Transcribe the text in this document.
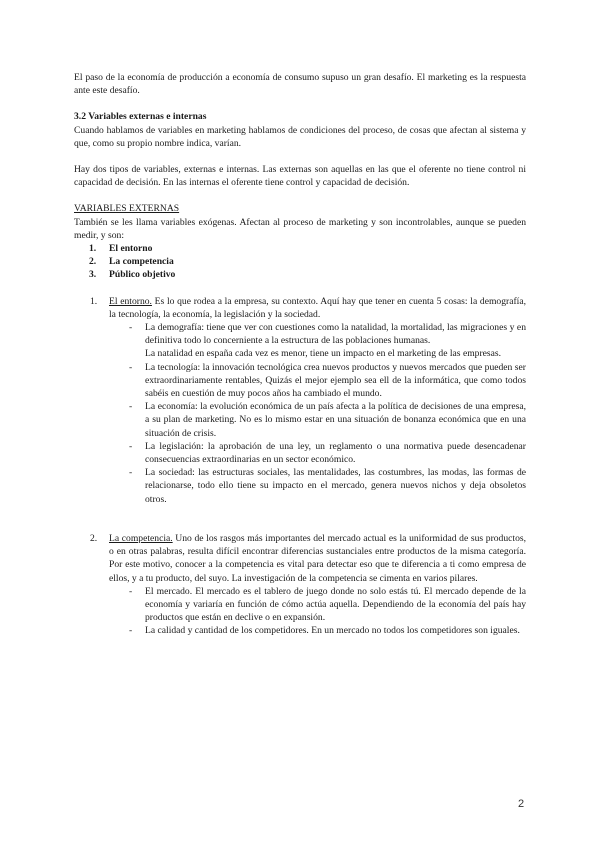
El paso de la economía de producción a economía de consumo supuso un gran desafío. El marketing es la respuesta ante este desafío.

3.2 Variables externas e internas

Cuando hablamos de variables en marketing hablamos de condiciones del proceso, de cosas que afectan al sistema y que, como su propio nombre indica, varían.

Hay dos tipos de variables, externas e internas. Las externas son aquellas en las que el oferente no tiene control ni capacidad de decisión. En las internas el oferente tiene control y capacidad de decisión.

VARIABLES EXTERNAS

También se les llama variables exógenas. Afectan al proceso de marketing y son incontrolables, aunque se pueden medir, y son:

1. El entorno
2. La competencia
3. Público objetivo
1. El entorno. Es lo que rodea a la empresa, su contexto. Aquí hay que tener en cuenta 5 cosas: la demografía, la tecnología, la economía, la legislación y la sociedad.
- La demografía: tiene que ver con cuestiones como la natalidad, la mortalidad, las migraciones y en definitiva todo lo concerniente a la estructura de las poblaciones humanas.

La natalidad en españa cada vez es menor, tiene un impacto en el marketing de las empresas.

- La tecnología: la innovación tecnológica crea nuevos productos y nuevos mercados que pueden ser extraordinariamente rentables, Quizás el mejor ejemplo sea ell de la informática, que como todos sabéis en cuestión de muy pocos años ha cambiado el mundo.
- La economía: la evolución económica de un país afecta a la política de decisiones de una empresa, a su plan de marketing. No es lo mismo estar en una situación de bonanza económica que en una situación de crisis.
- La legislación: la aprobación de una ley, un reglamento o una normativa puede desencadenar consecuencias extraordinarias en un sector económico.
- La sociedad: las estructuras sociales, las mentalidades, las costumbres, las modas, las formas de relacionarse, todo ello tiene su impacto en el mercado, genera nuevos nichos y deja obsoletos otros.
2. La competencia. Uno de los rasgos más importantes del mercado actual es la uniformidad de sus productos, o en otras palabras, resulta difícil encontrar diferencias sustanciales entre productos de la misma categoría. Por este motivo, conocer a la competencia es vital para detectar eso que te diferencia a ti como empresa de ellos, y a tu producto, del suyo. La investigación de la competencia se cimenta en varios pilares.
- El mercado. El mercado es el tablero de juego donde no solo estás tú. El mercado depende de la economía y variaría en función de cómo actúa aquella. Dependiendo de la economía del país hay productos que están en declive o en expansión.
- La calidad y cantidad de los competidores. En un mercado no todos los competidores son iguales.
2
